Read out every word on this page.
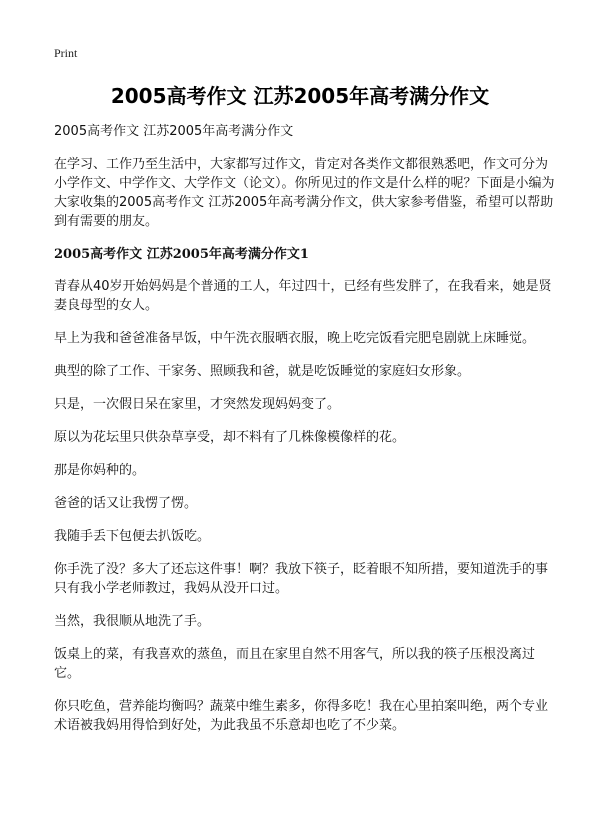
Print
2005高考作文 江苏2005年高考满分作文

2005高考作文 江苏2005年高考满分作文

在学习、工作乃至生活中，大家都写过作文，肯定对各类作文都很熟悉吧，作文可分为小学作文、中学作文、大学作文（论文）。你所见过的作文是什么样的呢？下面是小编为大家收集的2005高考作文 江苏2005年高考满分作文，供大家参考借鉴，希望可以帮助到有需要的朋友。

2005高考作文 江苏2005年高考满分作文1

青春从40岁开始妈妈是个普通的工人，年过四十，已经有些发胖了，在我看来，她是贤妻良母型的女人。

早上为我和爸爸准备早饭，中午洗衣服晒衣服，晚上吃完饭看完肥皂剧就上床睡觉。

典型的除了工作、干家务、照顾我和爸，就是吃饭睡觉的家庭妇女形象。

只是，一次假日呆在家里，才突然发现妈妈变了。

原以为花坛里只供杂草享受，却不料有了几株像模像样的花。

那是你妈种的。

爸爸的话又让我愣了愣。

我随手丢下包便去扒饭吃。

你手洗了没？多大了还忘这件事！啊？我放下筷子，眨着眼不知所措，要知道洗手的事只有我小学老师教过，我妈从没开口过。

当然，我很顺从地洗了手。

饭桌上的菜，有我喜欢的蒸鱼，而且在家里自然不用客气，所以我的筷子压根没离过它。

你只吃鱼，营养能均衡吗？蔬菜中维生素多，你得多吃！我在心里拍案叫绝，两个专业术语被我妈用得恰到好处，为此我虽不乐意却也吃了不少菜。
